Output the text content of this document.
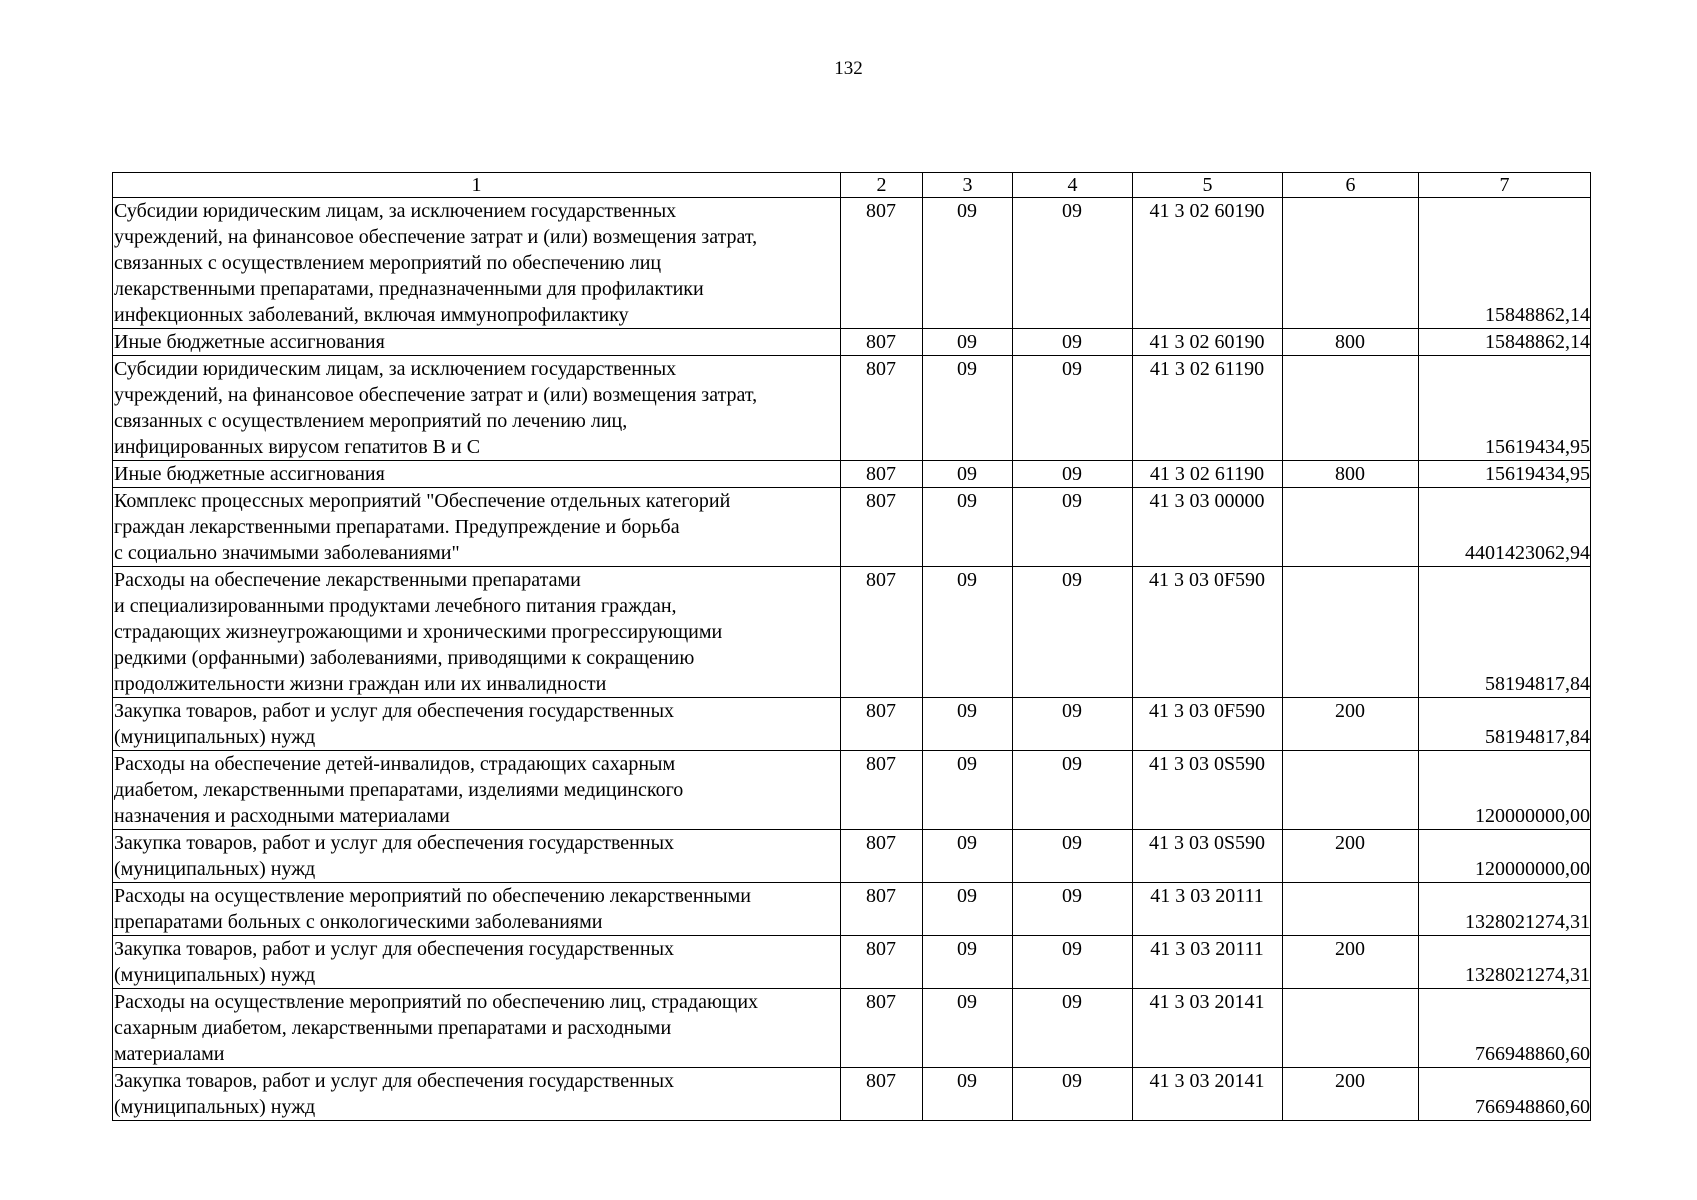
132
1	2	3	4	5	6	7

Субсидии юридическим лицам, за исключением государственных
учреждений, на финансовое обеспечение затрат и (или) возмещения затрат,
связанных с осуществлением мероприятий по обеспечению лиц
лекарственными препаратами, предназначенными для профилактики
инфекционных заболеваний, включая иммунопрофилактику	807	09	09	41 3 02 60190		15848862,14

Иные бюджетные ассигнования	807	09	09	41 3 02 60190	800	15848862,14

Субсидии юридическим лицам, за исключением государственных
учреждений, на финансовое обеспечение затрат и (или) возмещения затрат,
связанных с осуществлением мероприятий по лечению лиц,
инфицированных вирусом гепатитов В и С	807	09	09	41 3 02 61190		15619434,95

Иные бюджетные ассигнования	807	09	09	41 3 02 61190	800	15619434,95

Комплекс процессных мероприятий "Обеспечение отдельных категорий
граждан лекарственными препаратами. Предупреждение и борьба
с социально значимыми заболеваниями"	807	09	09	41 3 03 00000		4401423062,94

Расходы на обеспечение лекарственными препаратами
и специализированными продуктами лечебного питания граждан,
страдающих жизнеугрожающими и хроническими прогрессирующими
редкими (орфанными) заболеваниями, приводящими к сокращению
продолжительности жизни граждан или их инвалидности	807	09	09	41 3 03 0F590		58194817,84

Закупка товаров, работ и услуг для обеспечения государственных
(муниципальных) нужд	807	09	09	41 3 03 0F590	200	58194817,84

Расходы на обеспечение детей-инвалидов, страдающих сахарным
диабетом, лекарственными препаратами, изделиями медицинского
назначения и расходными материалами	807	09	09	41 3 03 0S590		120000000,00

Закупка товаров, работ и услуг для обеспечения государственных
(муниципальных) нужд	807	09	09	41 3 03 0S590	200	120000000,00

Расходы на осуществление мероприятий по обеспечению лекарственными
препаратами больных с онкологическими заболеваниями	807	09	09	41 3 03 20111		1328021274,31

Закупка товаров, работ и услуг для обеспечения государственных
(муниципальных) нужд	807	09	09	41 3 03 20111	200	1328021274,31

Расходы на осуществление мероприятий по обеспечению лиц, страдающих
сахарным диабетом, лекарственными препаратами и расходными
материалами	807	09	09	41 3 03 20141		766948860,60

Закупка товаров, работ и услуг для обеспечения государственных
(муниципальных) нужд	807	09	09	41 3 03 20141	200	766948860,60
